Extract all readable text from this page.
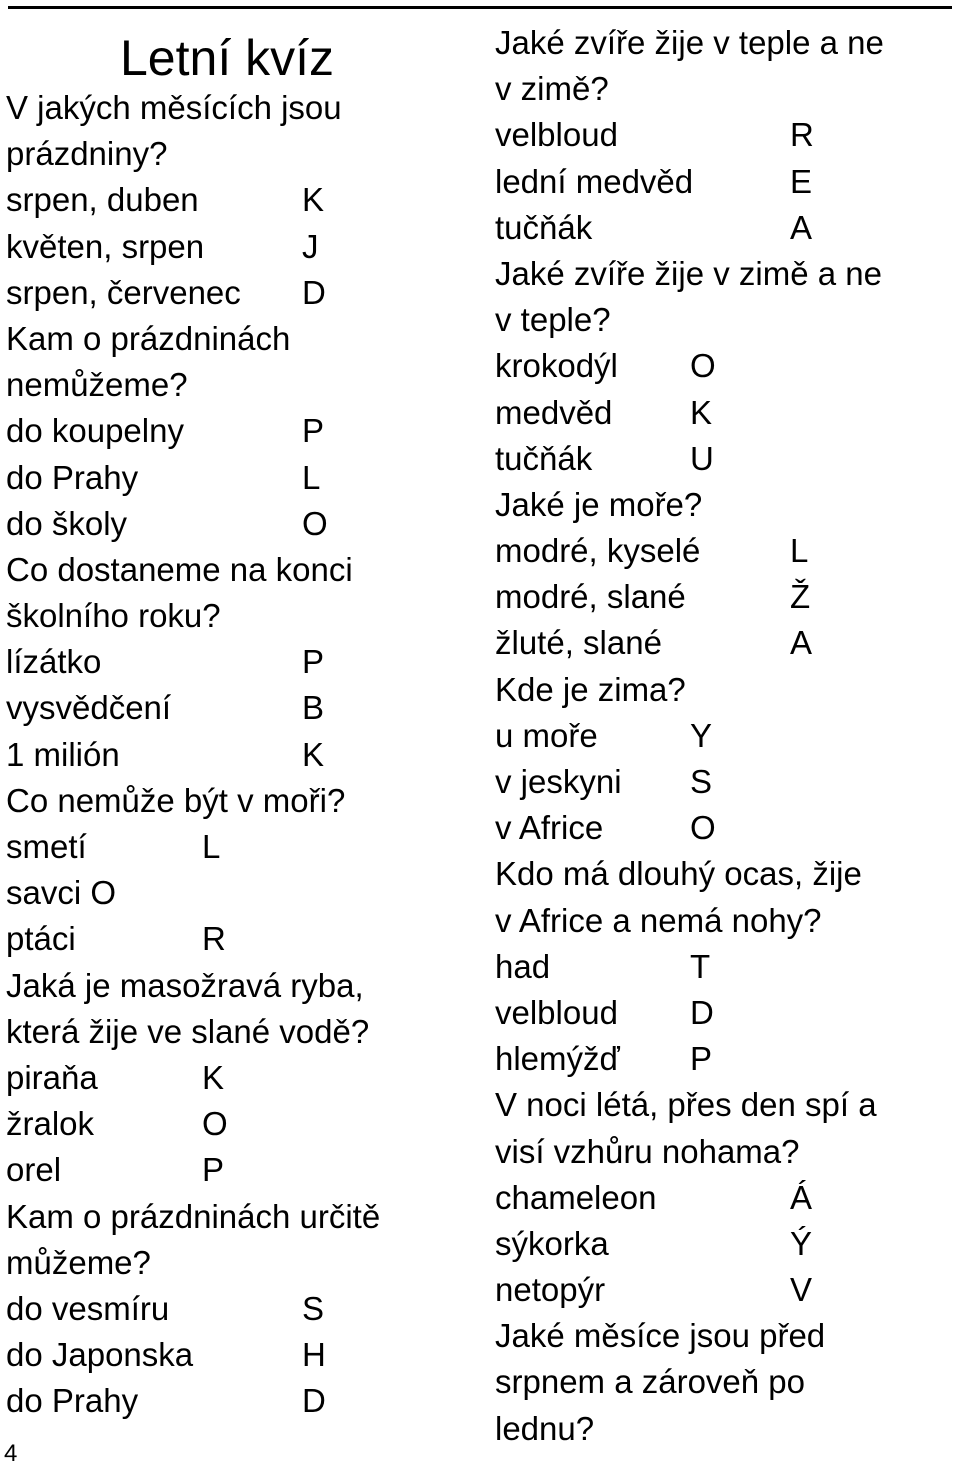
Letní kvíz
V jakých měsících jsou
prázdniny?
srpen, duben	K
květen, srpen	J
srpen, červenec D
Kam o prázdninách
nemůžeme?
do koupelny	P
do Prahy	L
do školy	O
Co dostaneme na konci
školního roku?
lízátko	P
vysvědčení	B
1 milión	K
Co nemůže být v moři?
smetí	L
savci O
ptáci	R
Jaká je masožravá ryba,
která žije ve slané vodě?
piraňa	K
žralok	O
orel	P
Kam o prázdninách určitě
můžeme?
do vesmíru	S
do Japonska	H
do Prahy	D
Jaké zvíře žije v teple a ne
v zimě?
velbloud	R
lední medvěd	E
tučňák	A
Jaké zvíře žije v zimě a ne
v teple?
krokodýl O
medvěd K
tučňák	U
Jaké je moře?
modré, kyselé	L
modré, slané	Ž
žluté, slané	A
Kde je zima?
u moře	Y
v jeskyni S
v Africe	O
Kdo má dlouhý ocas, žije
v Africe a nemá nohy?
had	T
velbloud D
hlemýžď P
V noci létá, přes den spí a
visí vzhůru nohama?
chameleon	Á
sýkorka	Ý
netopýr	V
Jaké měsíce jsou před
srpnem a zároveň po
lednu?
4
